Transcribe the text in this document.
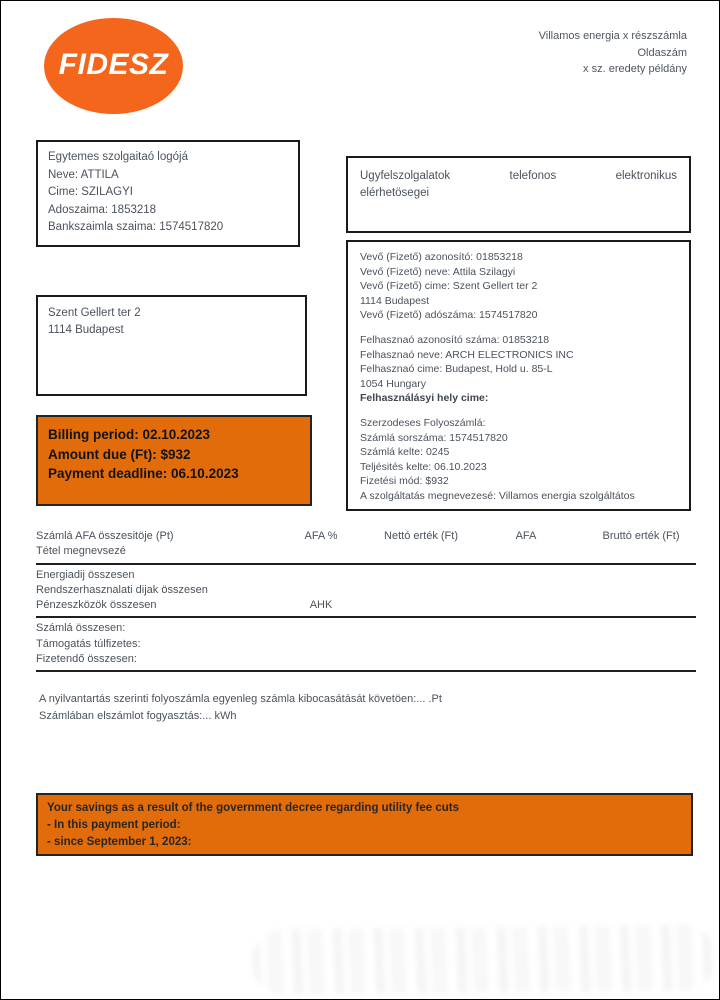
FIDESZ
Villamos energia x részszámla
Oldaszám
x sz. eredety példány
Egytemes szolgaitaó logójá
Neve: ATTILA
Cime: SZILAGYI
Adoszaima: 1853218
Bankszaimla szaima: 1574517820
Ugyfelszolgalatok	telefonos	elektronikus
elérhetösegei
Szent Gellert ter 2
1114 Budapest
Vevő (Fizető) azonosító: 01853218
Vevő (Fizető) neve: Attila Szilagyi
Vevő (Fizető) cime: Szent Gellert ter 2
1114 Budapest
Vevő (Fizető) adószáma: 1574517820
Felhasznaó azonosító száma: 01853218
Felhasznaó neve: ARCH ELECTRONICS INC
Felhasznaó cime: Budapest, Hold u. 85-L
1054 Hungary
Felhasználásyi hely cime:
Szerzodeses Folyoszámlá:
Számlá sorszáma: 1574517820
Számlá kelte: 0245
Teljésités kelte: 06.10.2023
Fizetési mód: $932
A szolgáltatás megnevezesé: Villamos energia szolgáltátos
Billing period: 02.10.2023
Amount due (Ft): $932
Payment deadline: 06.10.2023
Számlá AFA összesitöje (Pt)	AFA %	Nettó erték (Ft)	AFA	Bruttó erték (Ft)
Tétel megnevsezé
Energiadij összesen
Rendszerhasznalati dijak összesen
Pénzeszközök összesen	AHK
Számlá összesen:
Támogatás túlfizetes:
Fizetendő összesen:
A nyilvantartás szerinti folyoszámla egyenleg számla kibocasátását követöen:... .Pt
Számlában elszámlot fogyasztás:... kWh
Your savings as a result of the government decree regarding utility fee cuts
- In this payment period:
- since September 1, 2023:
